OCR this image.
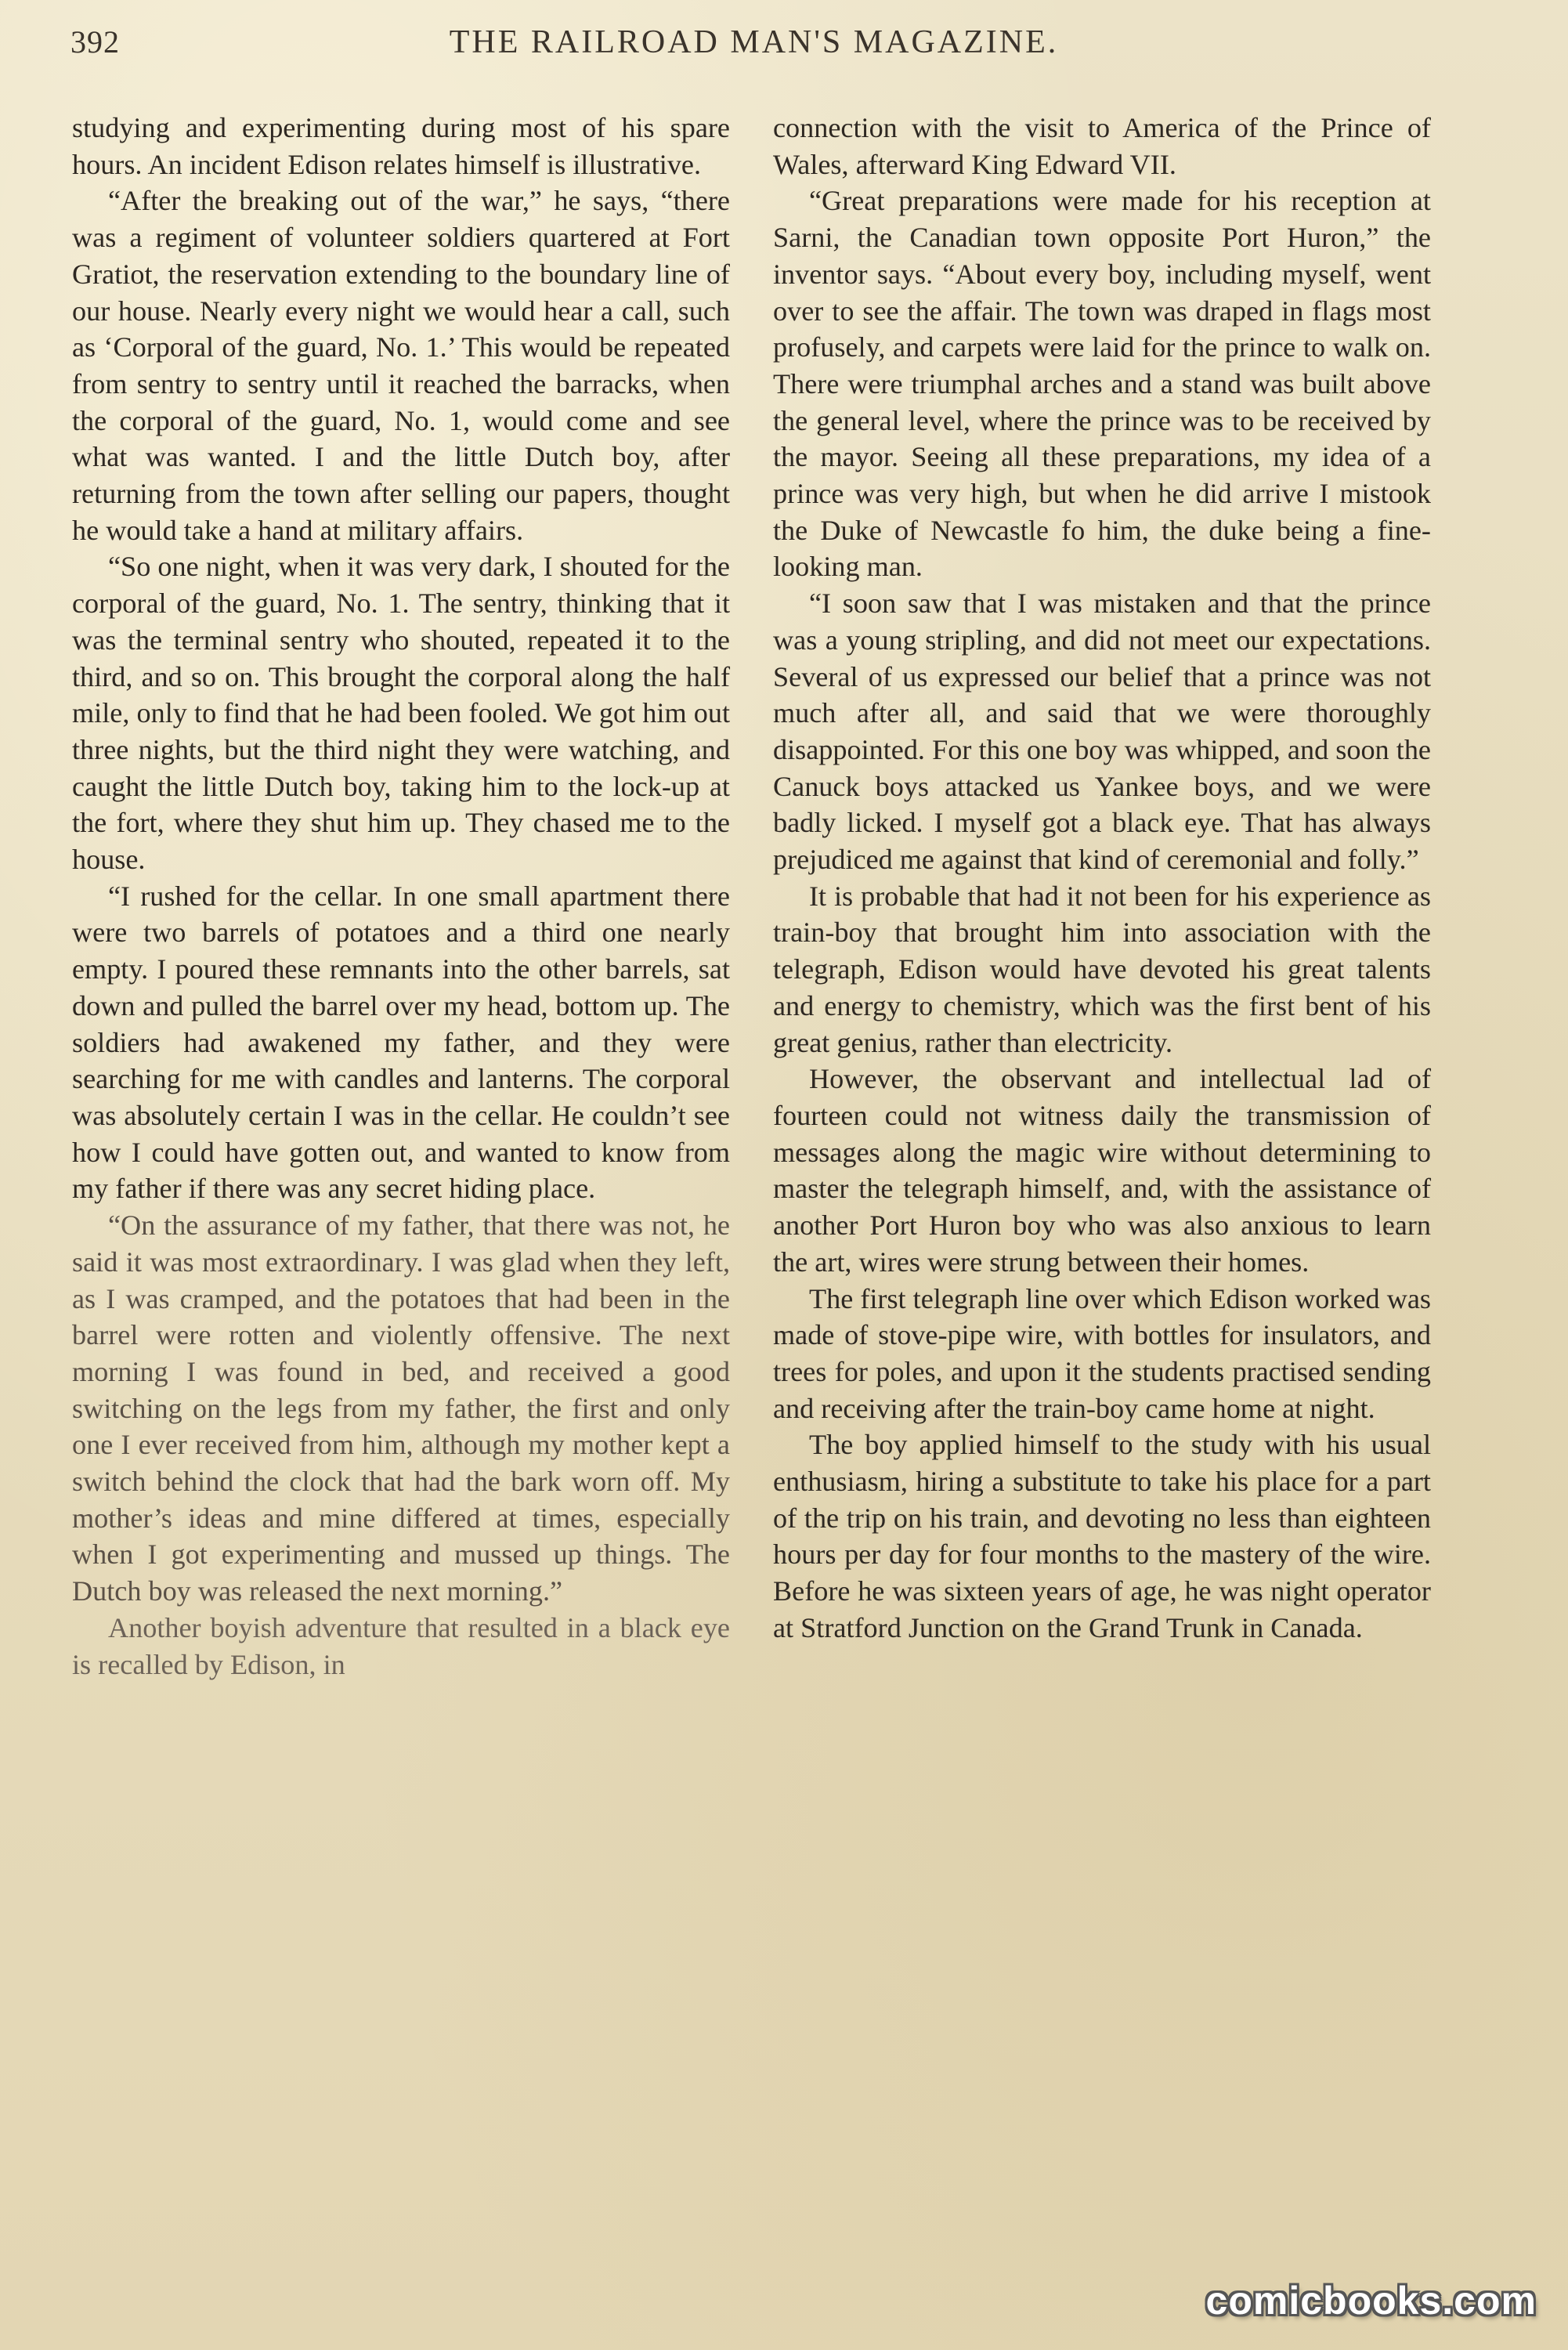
392	THE RAILROAD MAN'S MAGAZINE.

studying and experimenting during most of his spare hours. An incident Edison relates himself is illustrative.

“After the breaking out of the war,” he says, “there was a regiment of volunteer soldiers quartered at Fort Gratiot, the reservation extending to the boundary line of our house. Nearly every night we would hear a call, such as ‘Corporal of the guard, No. 1.’ This would be repeated from sentry to sentry until it reached the barracks, when the corporal of the guard, No. 1, would come and see what was wanted. I and the little Dutch boy, after returning from the town after selling our papers, thought he would take a hand at military affairs.

“So one night, when it was very dark, I shouted for the corporal of the guard, No. 1. The sentry, thinking that it was the terminal sentry who shouted, repeated it to the third, and so on. This brought the corporal along the half mile, only to find that he had been fooled. We got him out three nights, but the third night they were watching, and caught the little Dutch boy, taking him to the lock-up at the fort, where they shut him up. They chased me to the house.

“I rushed for the cellar. In one small apartment there were two barrels of potatoes and a third one nearly empty. I poured these remnants into the other barrels, sat down and pulled the barrel over my head, bottom up. The soldiers had awakened my father, and they were searching for me with candles and lanterns. The corporal was absolutely certain I was in the cellar. He couldn’t see how I could have gotten out, and wanted to know from my father if there was any secret hiding place.

“On the assurance of my father, that there was not, he said it was most extraordinary. I was glad when they left, as I was cramped, and the potatoes that had been in the barrel were rotten and violently offensive. The next morning I was found in bed, and received a good switching on the legs from my father, the first and only one I ever received from him, although my mother kept a switch behind the clock that had the bark worn off. My mother’s ideas and mine differed at times, especially when I got experimenting and mussed up things. The Dutch boy was released the next morning.”

Another boyish adventure that resulted in a black eye is recalled by Edison, in

connection with the visit to America of the Prince of Wales, afterward King Edward VII.

“Great preparations were made for his reception at Sarni, the Canadian town opposite Port Huron,” the inventor says. “About every boy, including myself, went over to see the affair. The town was draped in flags most profusely, and carpets were laid for the prince to walk on. There were triumphal arches and a stand was built above the general level, where the prince was to be received by the mayor. Seeing all these preparations, my idea of a prince was very high, but when he did arrive I mistook the Duke of Newcastle fo him, the duke being a fine-looking man.

“I soon saw that I was mistaken and that the prince was a young stripling, and did not meet our expectations. Several of us expressed our belief that a prince was not much after all, and said that we were thoroughly disappointed. For this one boy was whipped, and soon the Canuck boys attacked us Yankee boys, and we were badly licked. I myself got a black eye. That has always prejudiced me against that kind of ceremonial and folly.”

It is probable that had it not been for his experience as train-boy that brought him into association with the telegraph, Edison would have devoted his great talents and energy to chemistry, which was the first bent of his great genius, rather than electricity.

However, the observant and intellectual lad of fourteen could not witness daily the transmission of messages along the magic wire without determining to master the telegraph himself, and, with the assistance of another Port Huron boy who was also anxious to learn the art, wires were strung between their homes.

The first telegraph line over which Edison worked was made of stove-pipe wire, with bottles for insulators, and trees for poles, and upon it the students practised sending and receiving after the train-boy came home at night.

The boy applied himself to the study with his usual enthusiasm, hiring a substitute to take his place for a part of the trip on his train, and devoting no less than eighteen hours per day for four months to the mastery of the wire. Before he was sixteen years of age, he was night operator at Stratford Junction on the Grand Trunk in Canada.

comicbooks.com
